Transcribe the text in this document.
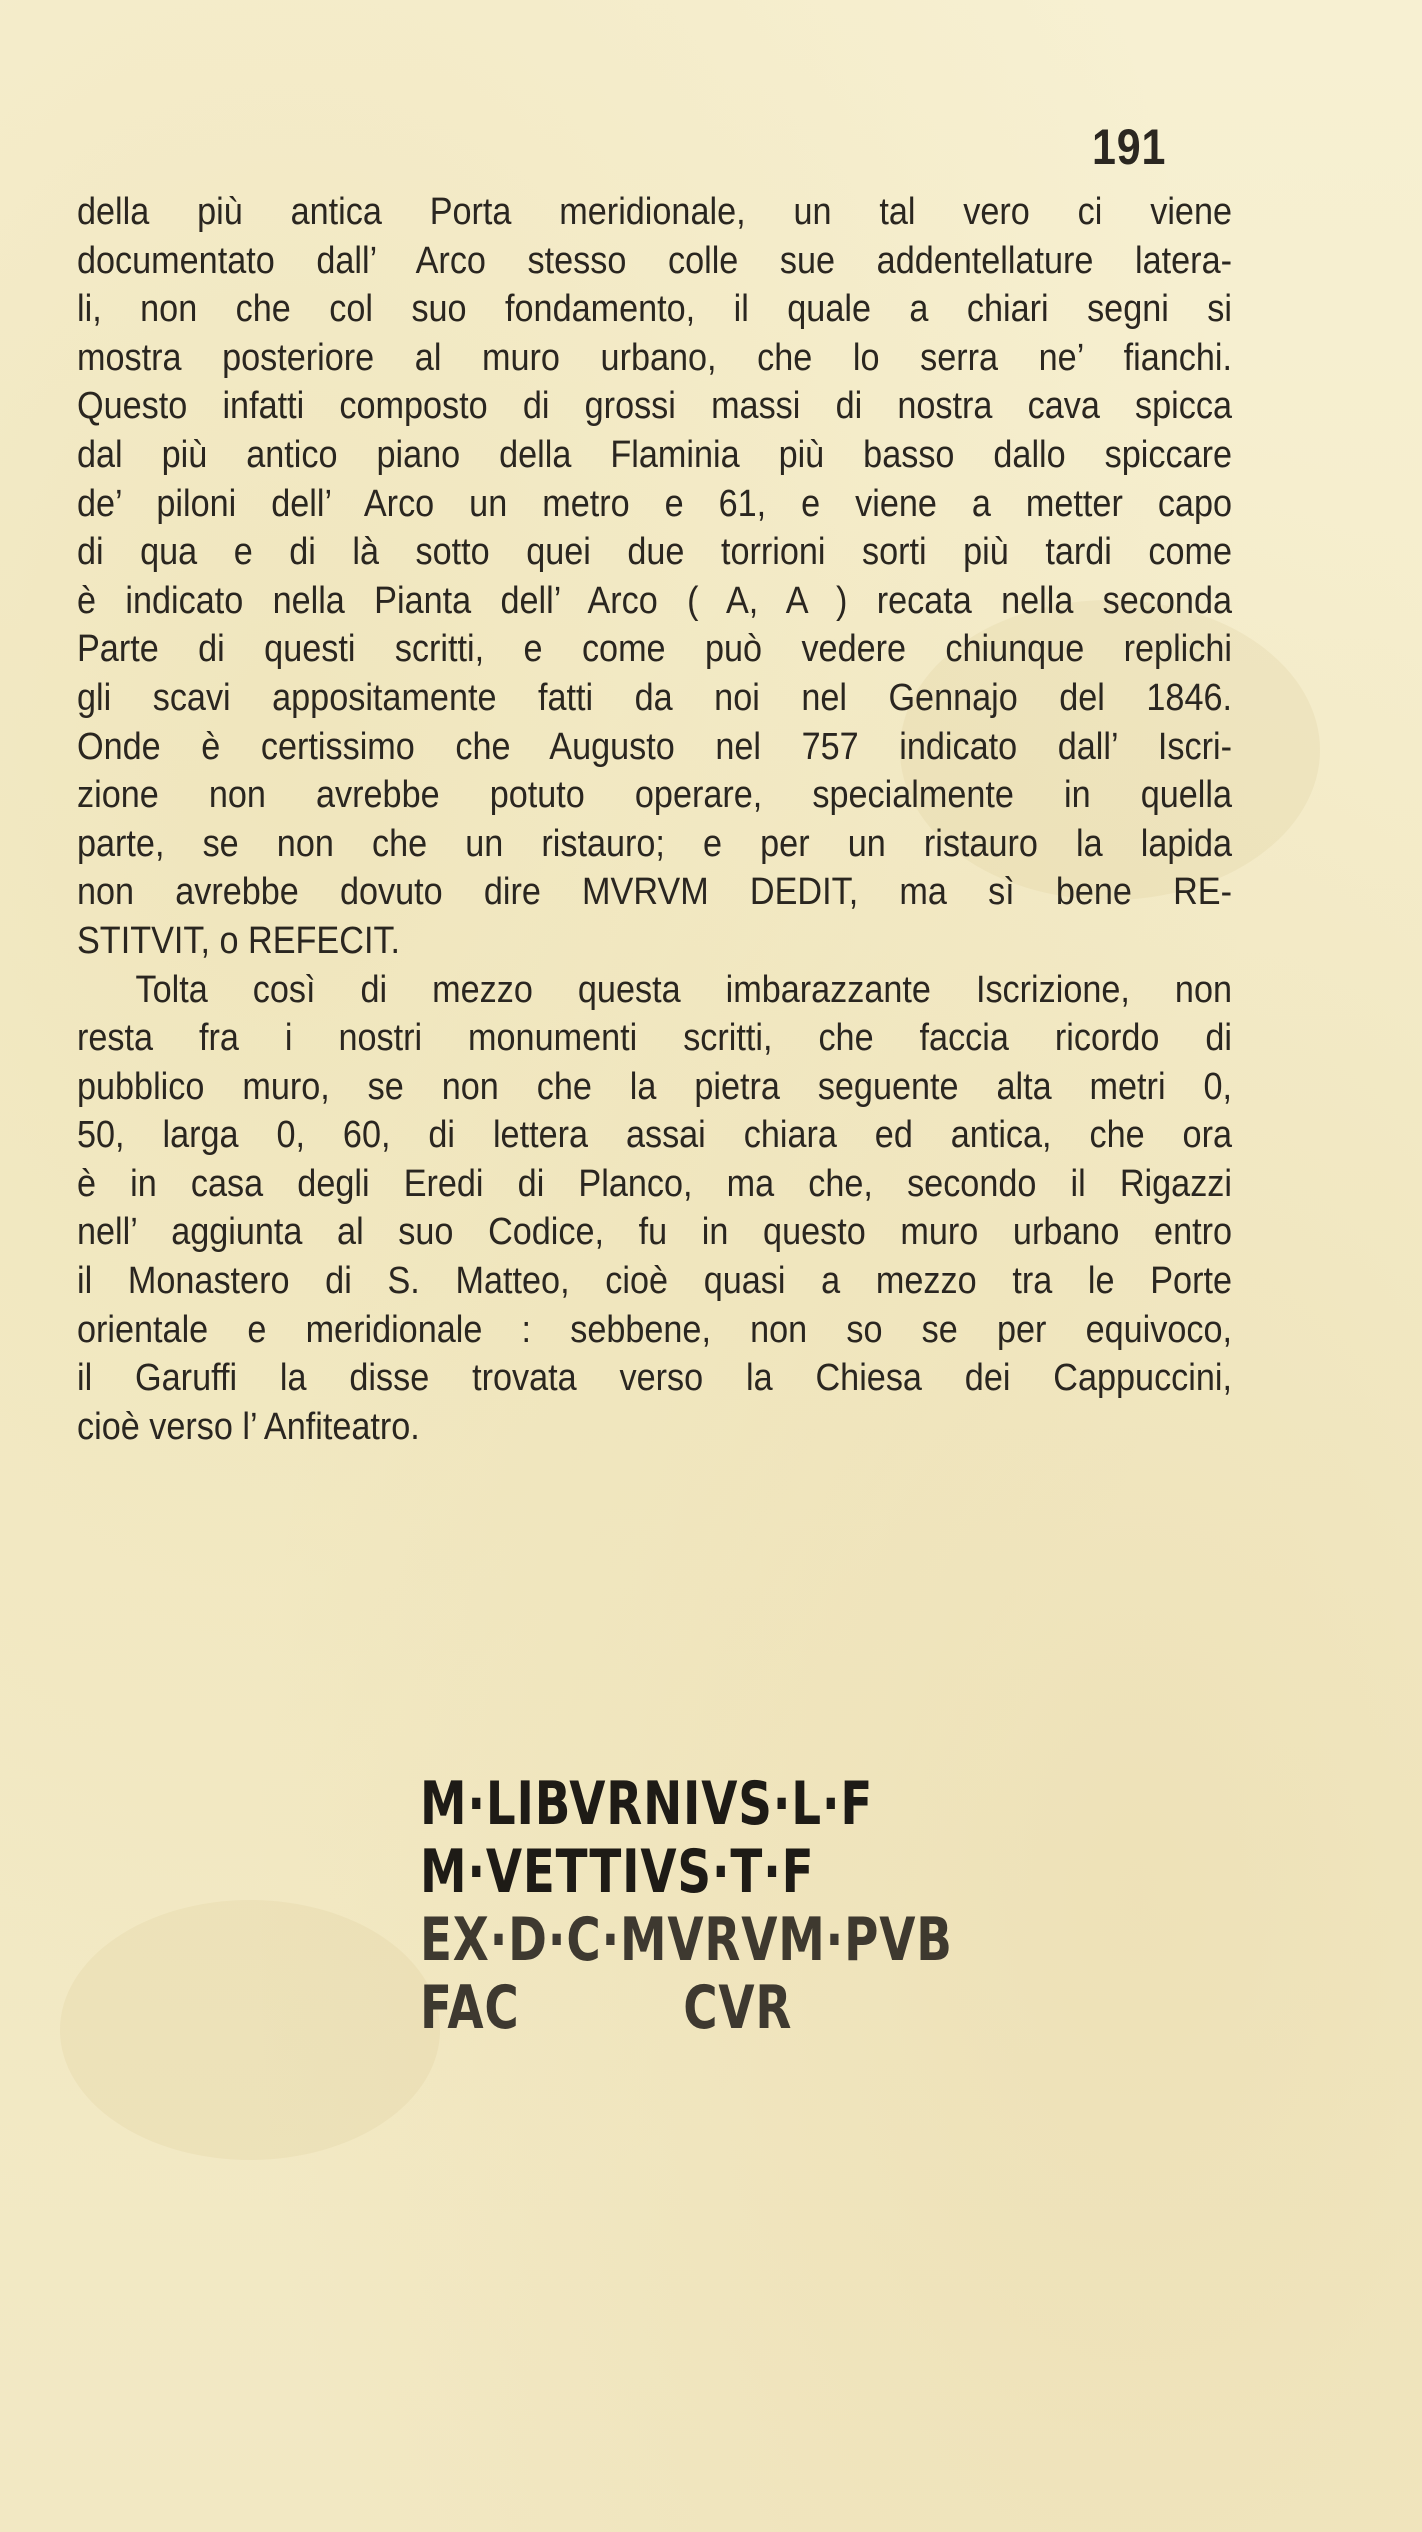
191
della più antica Porta meridionale, un tal vero ci viene
documentato dall’ Arco stesso colle sue addentellature latera-
li, non che col suo fondamento, il quale a chiari segni si
mostra posteriore al muro urbano, che lo serra ne’ fianchi.
Questo infatti composto di grossi massi di nostra cava spicca
dal più antico piano della Flaminia più basso dallo spiccare
de’ piloni dell’ Arco un metro e 61, e viene a metter capo
di qua e di là sotto quei due torrioni sorti più tardi come
è indicato nella Pianta dell’ Arco ( A, A ) recata nella seconda
Parte di questi scritti, e come può vedere chiunque replichi
gli scavi appositamente fatti da noi nel Gennajo del 1846.
Onde è certissimo che Augusto nel 757 indicato dall’ Iscri-
zione non avrebbe potuto operare, specialmente in quella
parte, se non che un ristauro; e per un ristauro la lapida
non avrebbe dovuto dire MVRVM DEDIT, ma sì bene RE-
STITVIT, o REFECIT.
Tolta così di mezzo questa imbarazzante Iscrizione, non
resta fra i nostri monumenti scritti, che faccia ricordo di
pubblico muro, se non che la pietra seguente alta metri 0,
50, larga 0, 60, di lettera assai chiara ed antica, che ora
è in casa degli Eredi di Planco, ma che, secondo il Rigazzi
nell’ aggiunta al suo Codice, fu in questo muro urbano entro
il Monastero di S. Matteo, cioè quasi a mezzo tra le Porte
orientale e meridionale : sebbene, non so se per equivoco,
il Garuffi la disse trovata verso la Chiesa dei Cappuccini,
cioè verso l’ Anfiteatro.
M·LIBVRNIVS·L·F
M·VETTIVS·T·F
EX·D·C·MVRVM·PVB
FAC	CVR
